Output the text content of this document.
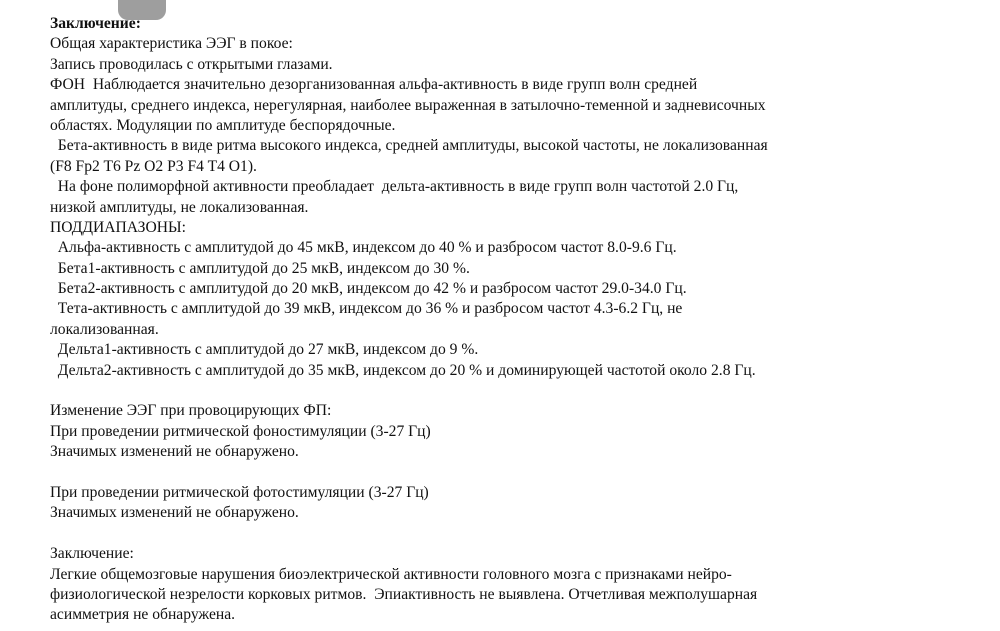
Заключение:
Общая характеристика ЭЭГ в покое:
Запись проводилась с открытыми глазами.
ФОН  Наблюдается значительно дезорганизованная альфа-активность в виде групп волн средней
амплитуды, среднего индекса, нерегулярная, наиболее выраженная в затылочно-теменной и задневисочных
областях. Модуляции по амплитуде беспорядочные.
Бета-активность в виде ритма высокого индекса, средней амплитуды, высокой частоты, не локализованная
(F8 Fp2 T6 Pz O2 P3 F4 T4 O1).
На фоне полиморфной активности преобладает  дельта-активность в виде групп волн частотой 2.0 Гц,
низкой амплитуды, не локализованная.
ПОДДИАПАЗОНЫ:
Альфа-активность с амплитудой до 45 мкВ, индексом до 40 % и разбросом частот 8.0-9.6 Гц.
Бета1-активность с амплитудой до 25 мкВ, индексом до 30 %.
Бета2-активность с амплитудой до 20 мкВ, индексом до 42 % и разбросом частот 29.0-34.0 Гц.
Тета-активность с амплитудой до 39 мкВ, индексом до 36 % и разбросом частот 4.3-6.2 Гц, не
локализованная.
Дельта1-активность с амплитудой до 27 мкВ, индексом до 9 %.
Дельта2-активность с амплитудой до 35 мкВ, индексом до 20 % и доминирующей частотой около 2.8 Гц.
Изменение ЭЭГ при провоцирующих ФП:
При проведении ритмической фоностимуляции (3-27 Гц)
Значимых изменений не обнаружено.
При проведении ритмической фотостимуляции (3-27 Гц)
Значимых изменений не обнаружено.
Заключение:
Легкие общемозговые нарушения биоэлектрической активности головного мозга с признаками нейро-
физиологической незрелости корковых ритмов.  Эпиактивность не выявлена. Отчетливая межполушарная
асимметрия не обнаружена.
